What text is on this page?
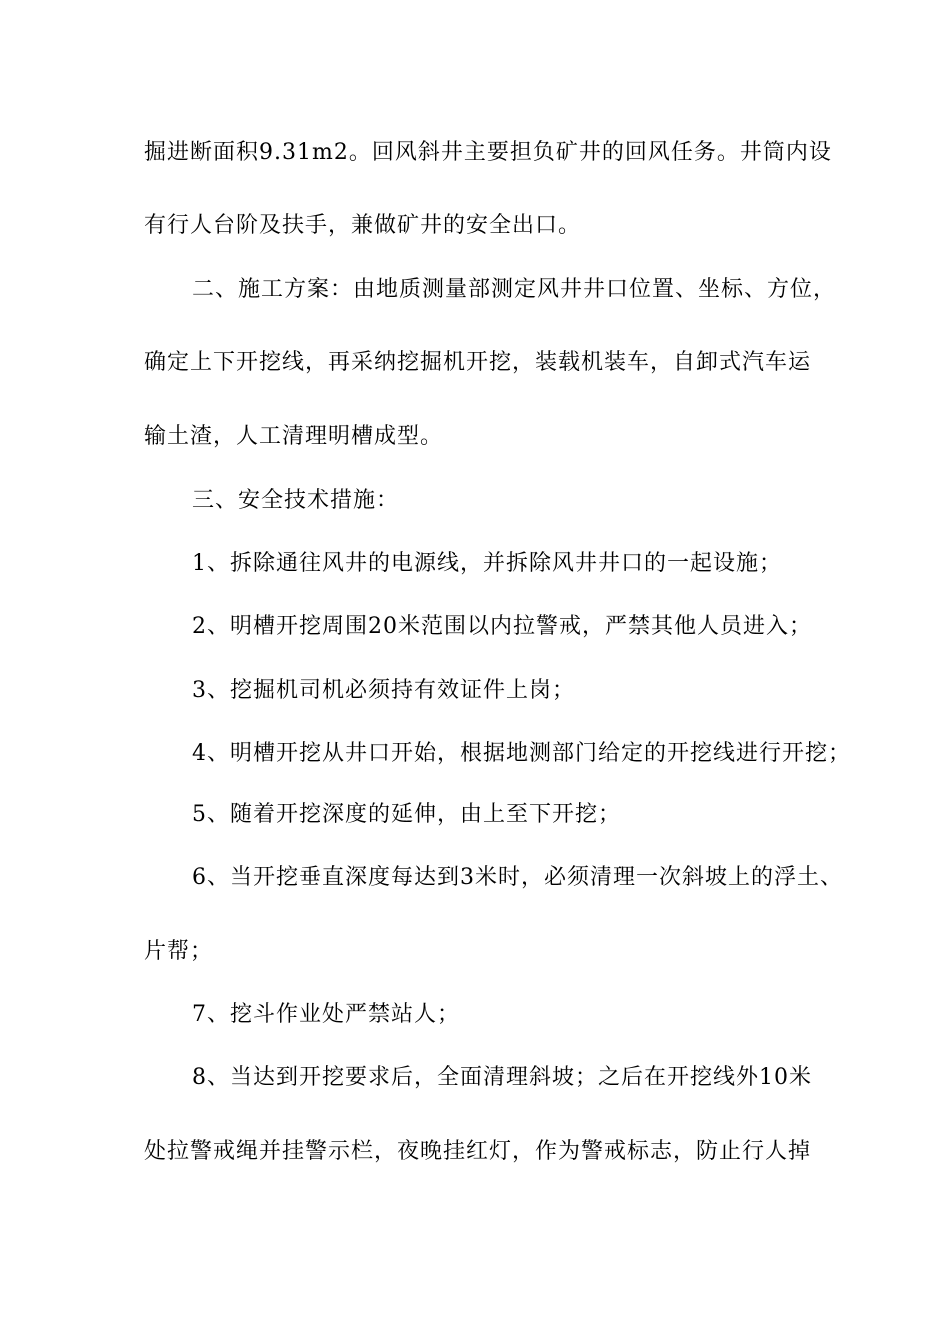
掘进断面积9.31m2。回风斜井主要担负矿井的回风任务。井筒内设
有行人台阶及扶手，兼做矿井的安全出口。
二、施工方案：由地质测量部测定风井井口位置、坐标、方位，
确定上下开挖线，再采纳挖掘机开挖，装载机装车，自卸式汽车运
输土渣，人工清理明槽成型。
三、安全技术措施：
1、拆除通往风井的电源线，并拆除风井井口的一起设施；
2、明槽开挖周围20米范围以内拉警戒，严禁其他人员进入；
3、挖掘机司机必须持有效证件上岗；
4、明槽开挖从井口开始，根据地测部门给定的开挖线进行开挖；
5、随着开挖深度的延伸，由上至下开挖；
6、当开挖垂直深度每达到3米时，必须清理一次斜坡上的浮土、
片帮；
7、挖斗作业处严禁站人；
8、当达到开挖要求后，全面清理斜坡；之后在开挖线外10米
处拉警戒绳并挂警示栏，夜晚挂红灯，作为警戒标志，防止行人掉
